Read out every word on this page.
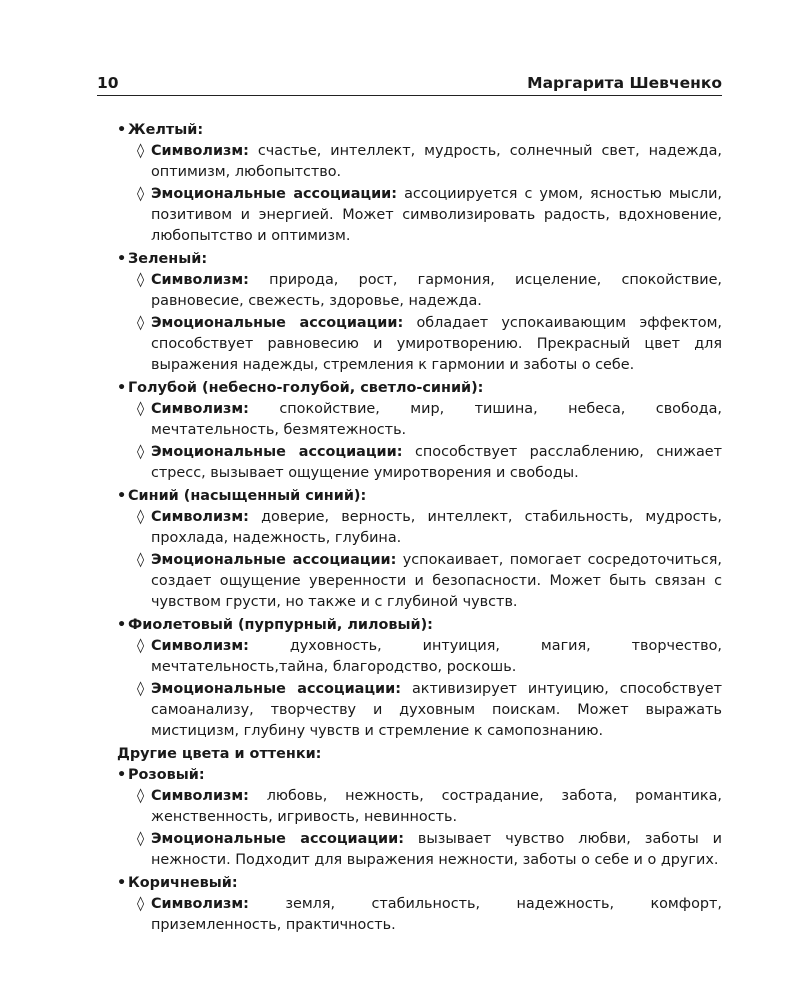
10	Маргарита Шевченко
• Желтый:
◊ Символизм: счастье, интеллект, мудрость, солнечный свет, надежда, оптимизм, любопытство.
◊ Эмоциональные ассоциации: ассоциируется с умом, ясностью мысли, позитивом и энергией. Может символизировать радость, вдохновение, любопытство и оптимизм.
• Зеленый:
◊ Символизм: природа, рост, гармония, исцеление, спокойствие, равновесие, свежесть, здоровье, надежда.
◊ Эмоциональные ассоциации: обладает успокаивающим эффектом, способствует равновесию и умиротворению. Прекрасный цвет для выражения надежды, стремления к гармонии и заботы о себе.
• Голубой (небесно-голубой, светло-синий):
◊ Символизм: спокойствие, мир, тишина, небеса, свобода, мечтательность, безмятежность.
◊ Эмоциональные ассоциации: способствует расслаблению, снижает стресс, вызывает ощущение умиротворения и свободы.
• Синий (насыщенный синий):
◊ Символизм: доверие, верность, интеллект, стабильность, мудрость, прохлада, надежность, глубина.
◊ Эмоциональные ассоциации: успокаивает, помогает сосредоточиться, создает ощущение уверенности и безопасности. Может быть связан с чувством грусти, но также и с глубиной чувств.
• Фиолетовый (пурпурный, лиловый):
◊ Символизм:	духовность, интуиция, магия, творчество, мечтательность,тайна, благородство, роскошь.
◊ Эмоциональные ассоциации: активизирует интуицию, способствует самоанализу, творчеству и духовным поискам. Может выражать мистицизм, глубину чувств и стремление к самопознанию.
Другие цвета и оттенки:
• Розовый:
◊ Символизм: любовь, нежность, сострадание, забота, романтика, женственность, игривость, невинность.
◊ Эмоциональные ассоциации: вызывает чувство любви, заботы и нежности. Подходит для выражения нежности, заботы о себе и о других.
• Коричневый:
◊ Символизм:	земля, стабильность, надежность, комфорт, приземленность, практичность.
